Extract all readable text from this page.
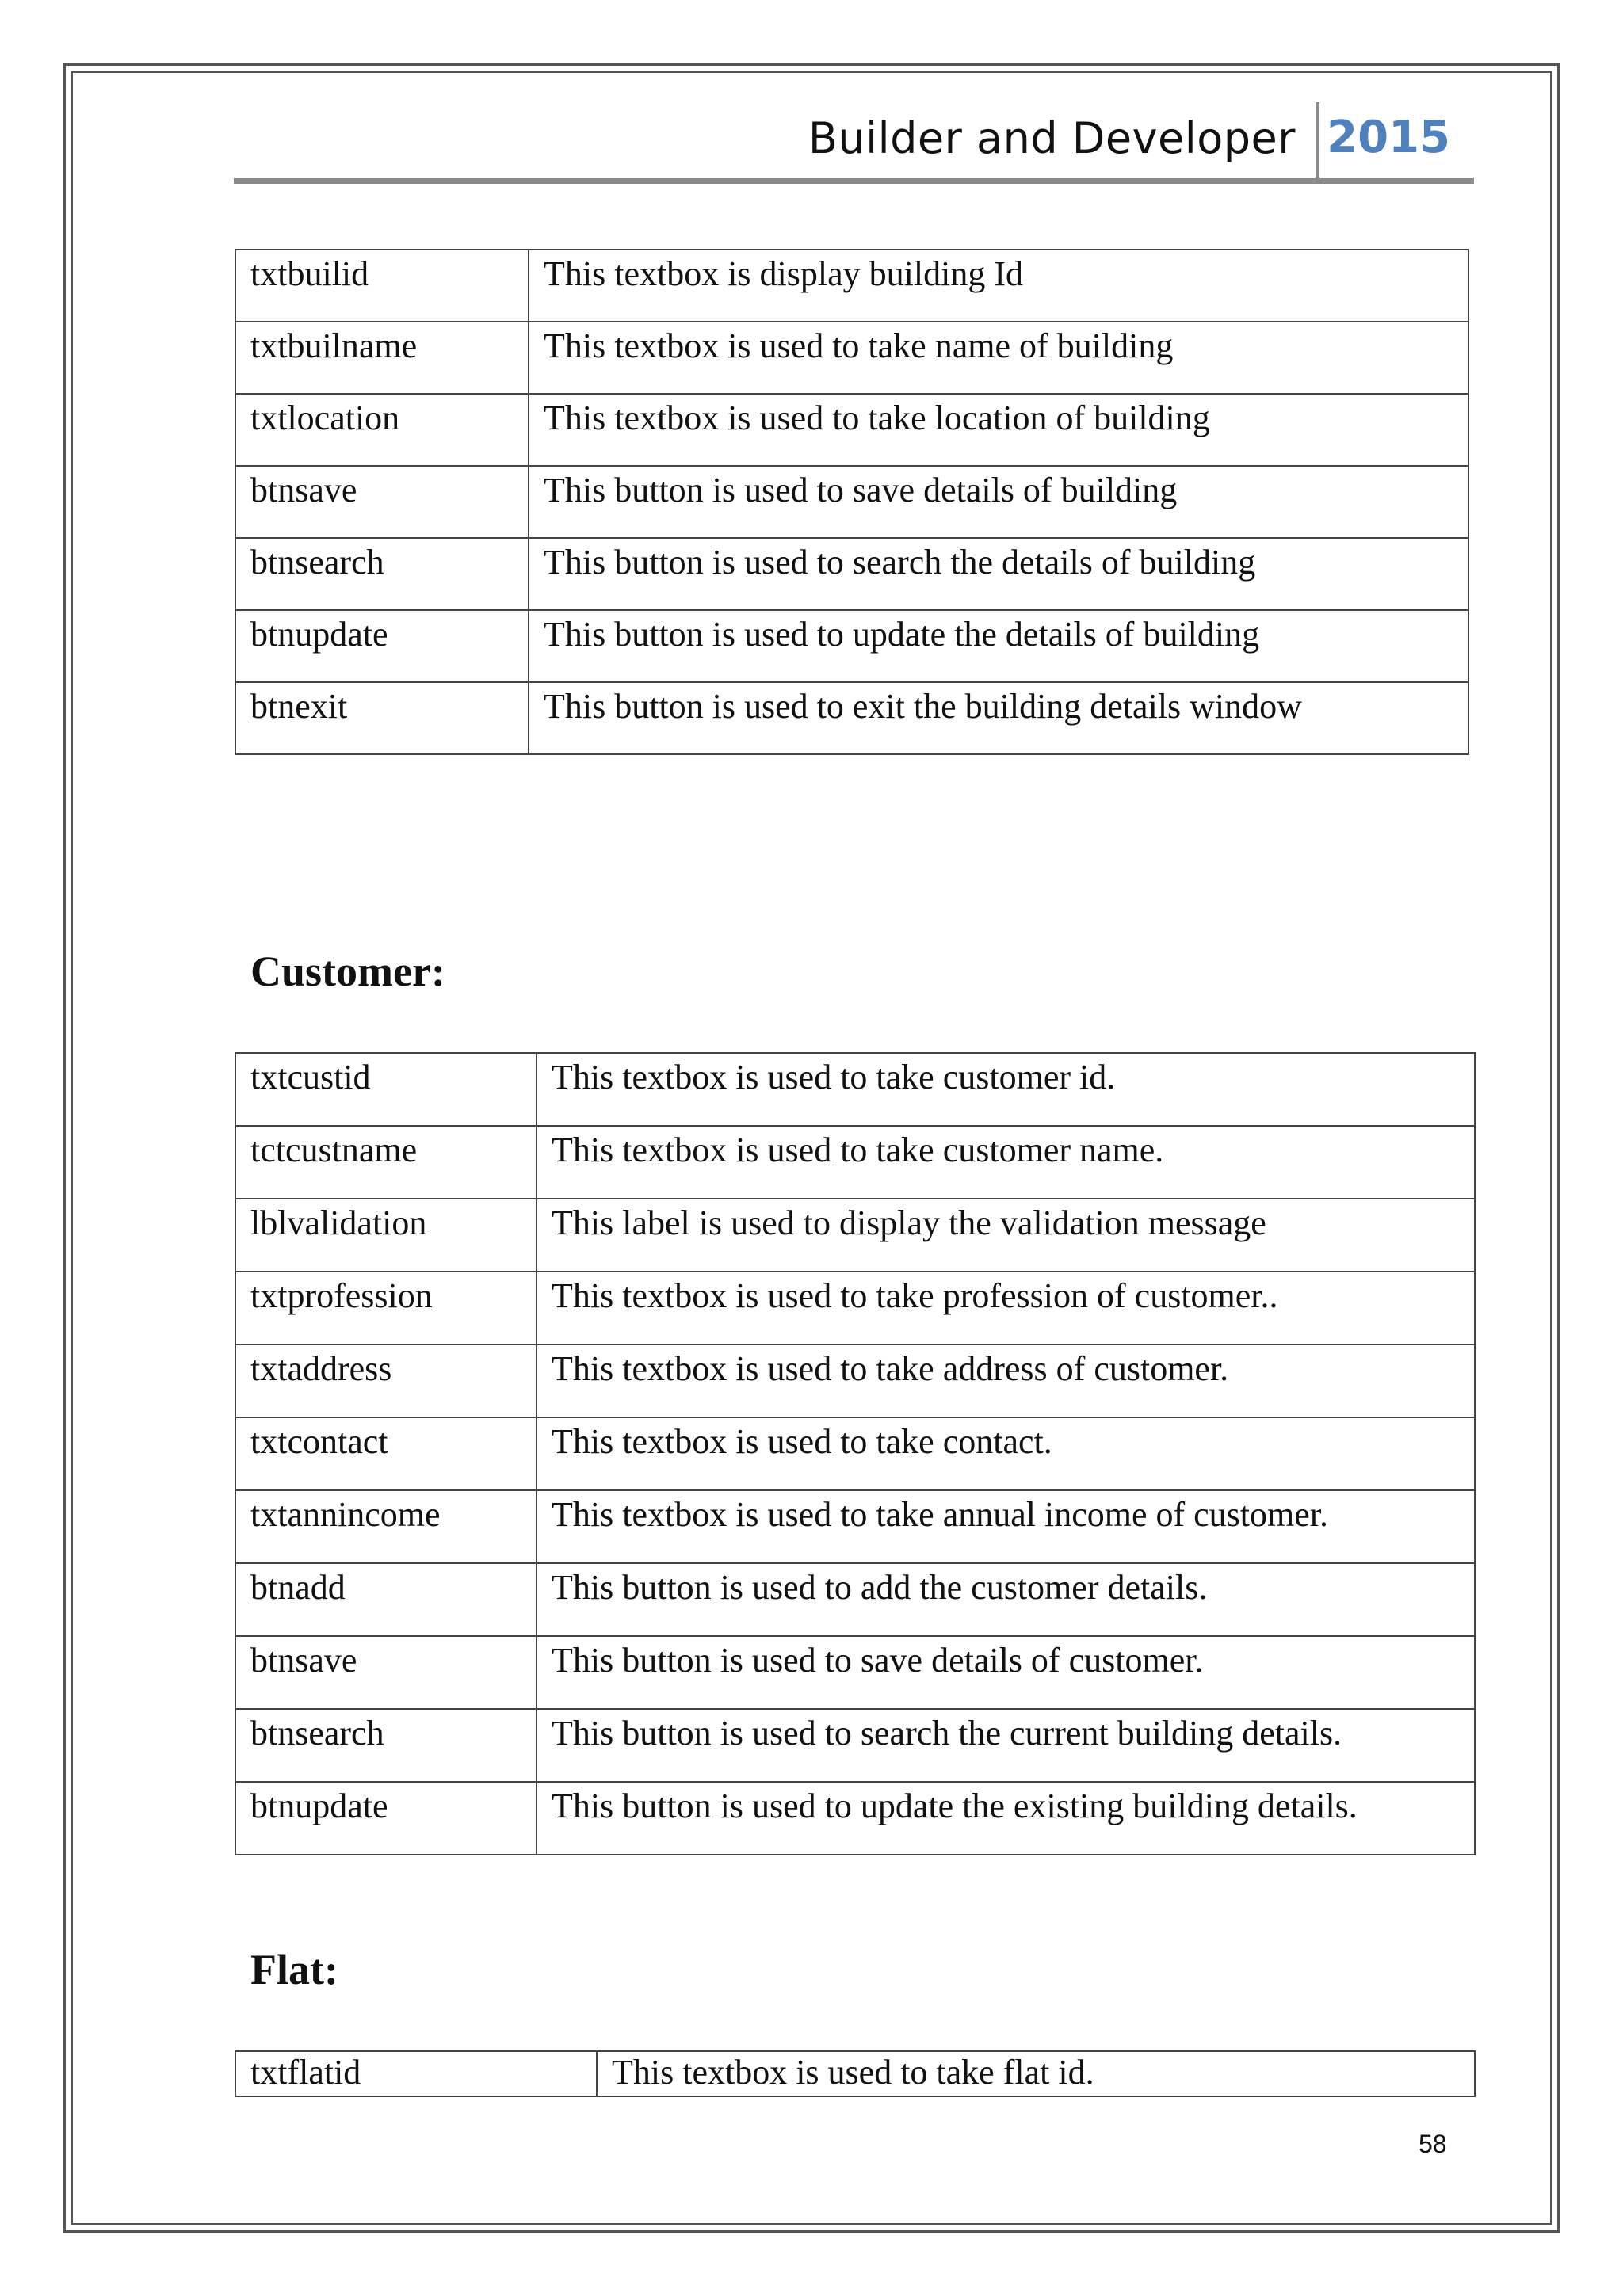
Builder and Developer 2015
txtbuilid	This textbox is display building Id
txtbuilname	This textbox is used to take name of building
txtlocation	This textbox is used to take location of building
btnsave	This button is used to save details of building
btnsearch	This button is used to search the details of building
btnupdate	This button is used to update the details of building
btnexit	This button is used to exit the building details window
Customer:
txtcustid	This textbox is used to take customer id.
tctcustname	This textbox is used to take customer name.
lblvalidation	This label is used to display the validation message
txtprofession	This textbox is used to take profession of customer..
txtaddress	This textbox is used to take address of customer.
txtcontact	This textbox is used to take contact.
txtannincome	This textbox is used to take annual income of customer.
btnadd	This button is used to add the customer details.
btnsave	This button is used to save details of customer.
btnsearch	This button is used to search the current building details.
btnupdate	This button is used to update the existing building details.
Flat:
txtflatid	This textbox is used to take flat id.
58
